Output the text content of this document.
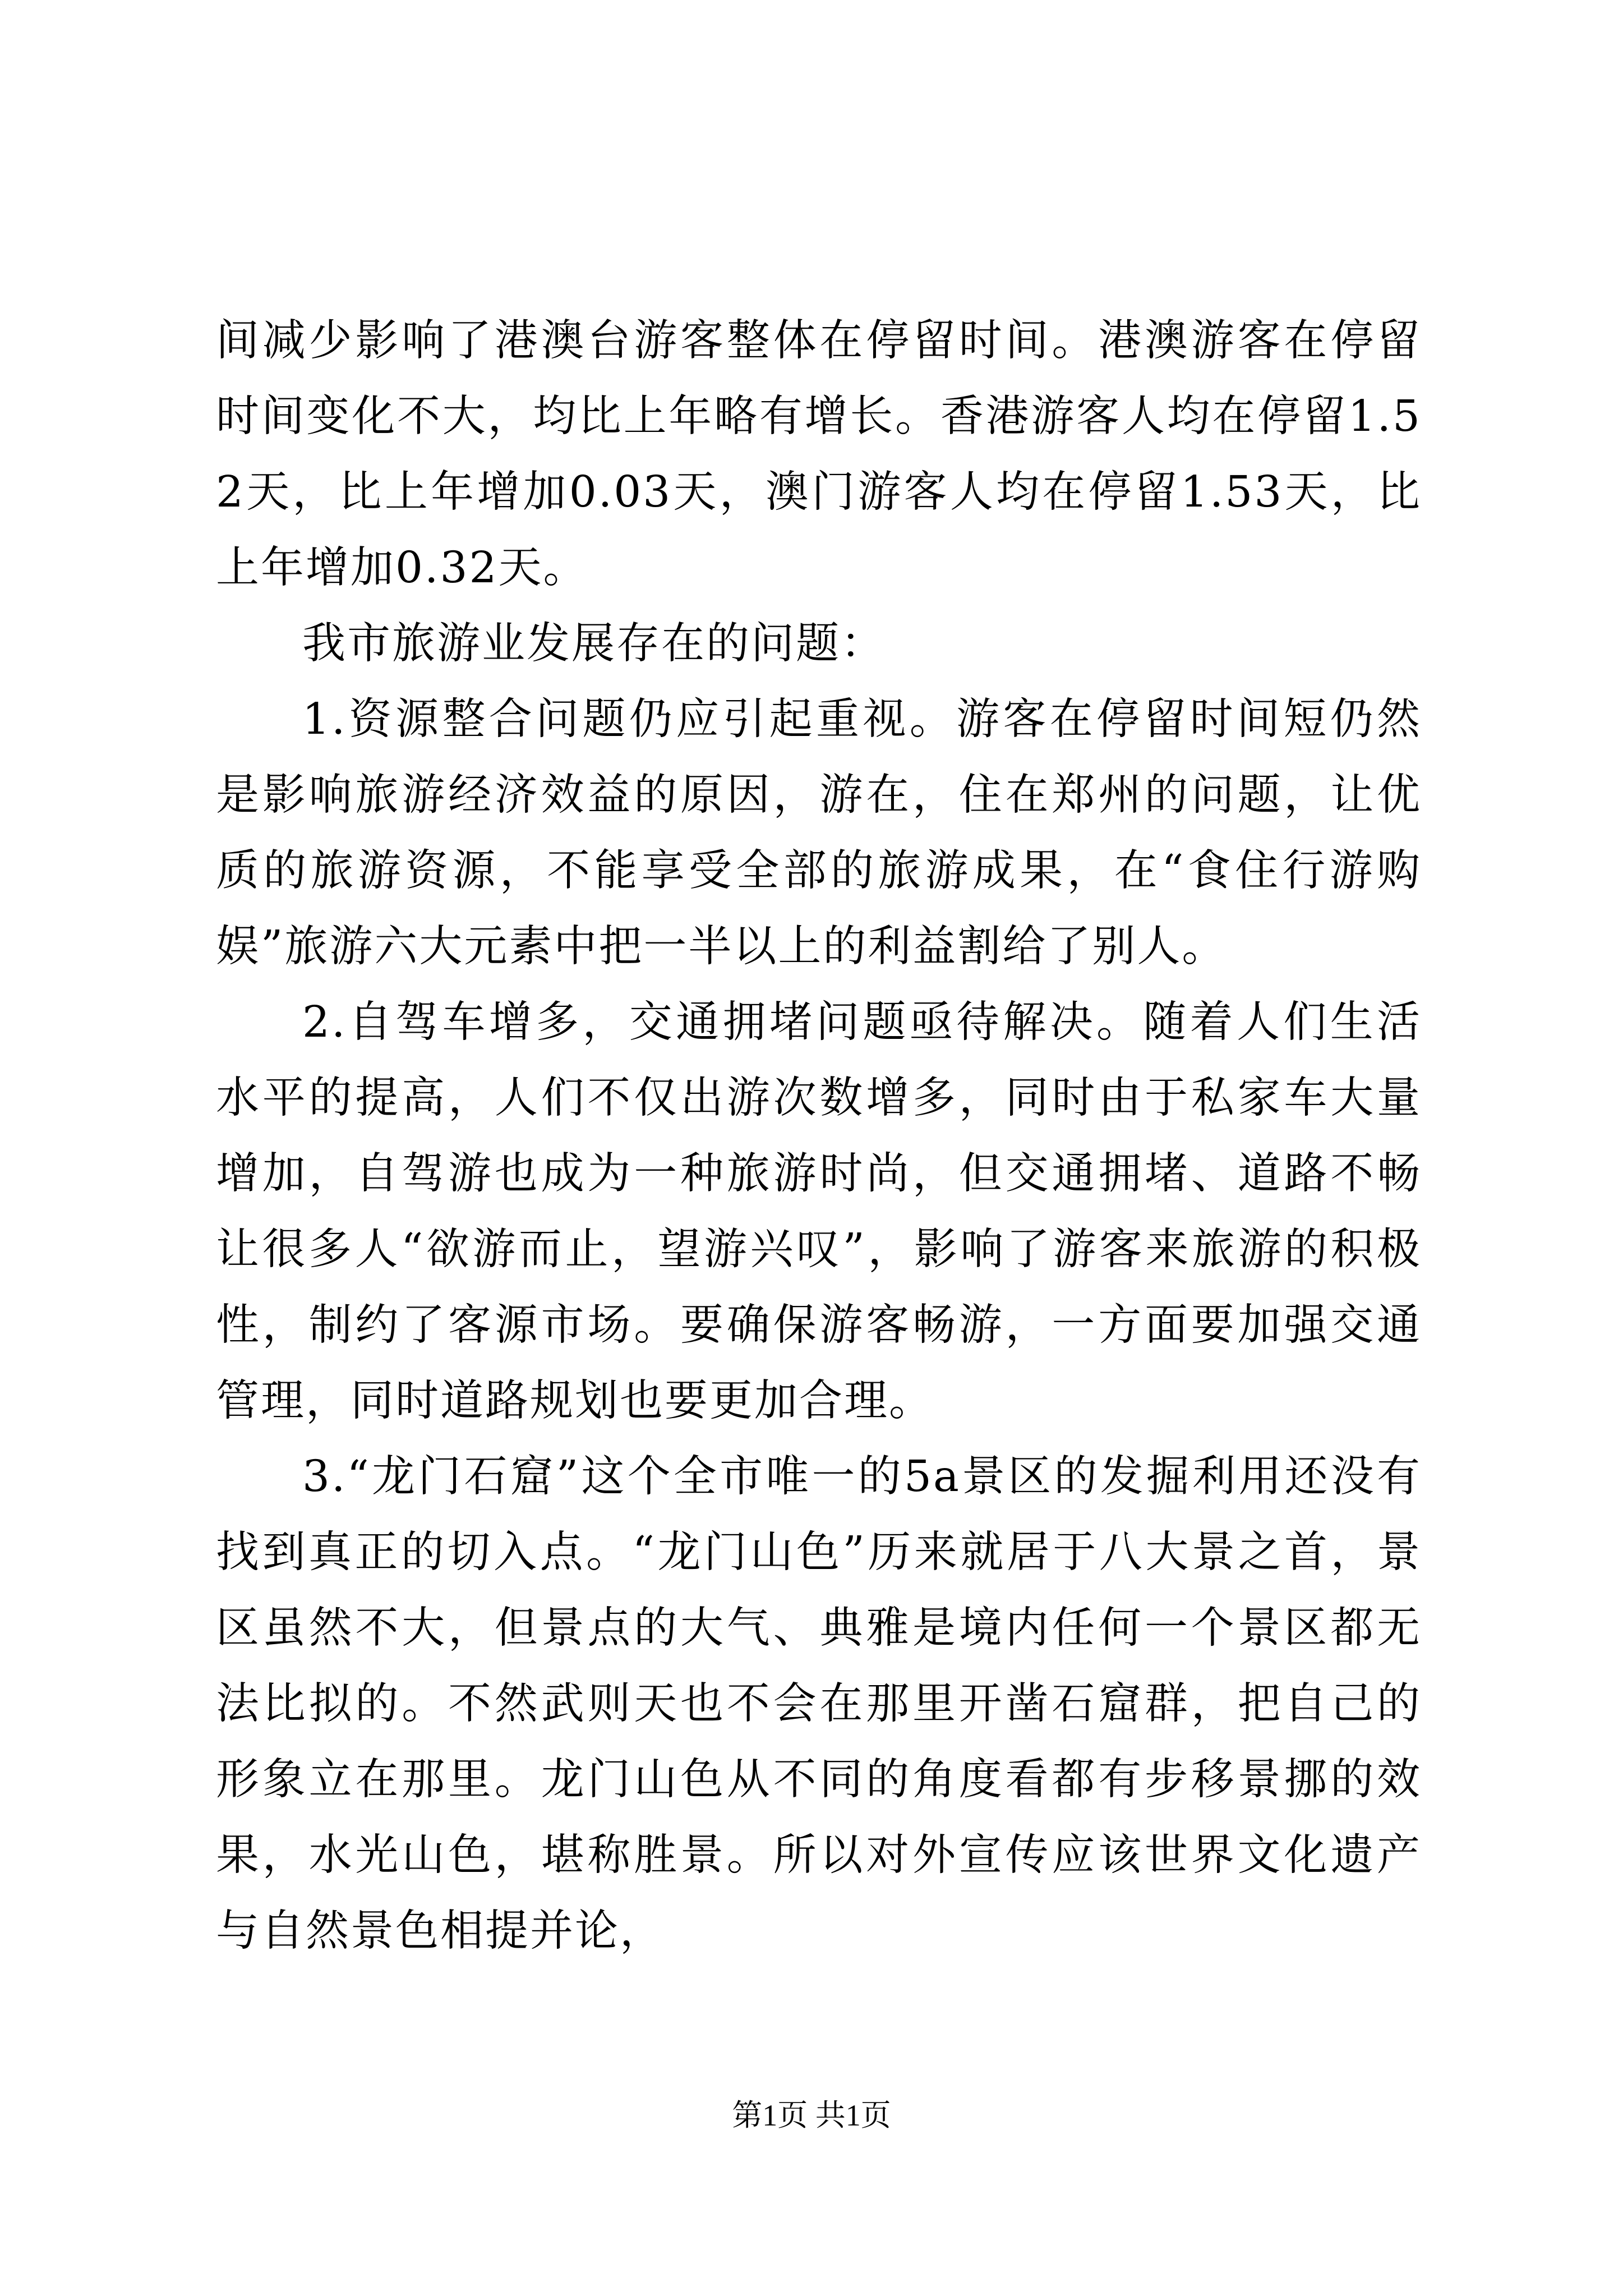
间减少影响了港澳台游客整体在停留时间。港澳游客在停留时间变化不大，均比上年略有增长。香港游客人均在停留1.52天，比上年增加0.03天，澳门游客人均在停留1.53天，比上年增加0.32天。

我市旅游业发展存在的问题：

1.资源整合问题仍应引起重视。游客在停留时间短仍然是影响旅游经济效益的原因，游在，住在郑州的问题，让优质的旅游资源，不能享受全部的旅游成果，在“食住行游购娱”旅游六大元素中把一半以上的利益割给了别人。

2.自驾车增多，交通拥堵问题亟待解决。随着人们生活水平的提高，人们不仅出游次数增多，同时由于私家车大量增加，自驾游也成为一种旅游时尚，但交通拥堵、道路不畅让很多人“欲游而止，望游兴叹”，影响了游客来旅游的积极性，制约了客源市场。要确保游客畅游，一方面要加强交通管理，同时道路规划也要更加合理。

3.“龙门石窟”这个全市唯一的5a景区的发掘利用还没有找到真正的切入点。“龙门山色”历来就居于八大景之首，景区虽然不大，但景点的大气、典雅是境内任何一个景区都无法比拟的。不然武则天也不会在那里开凿石窟群，把自己的形象立在那里。龙门山色从不同的角度看都有步移景挪的效果，水光山色，堪称胜景。所以对外宣传应该世界文化遗产与自然景色相提并论，

第1页 共1页
